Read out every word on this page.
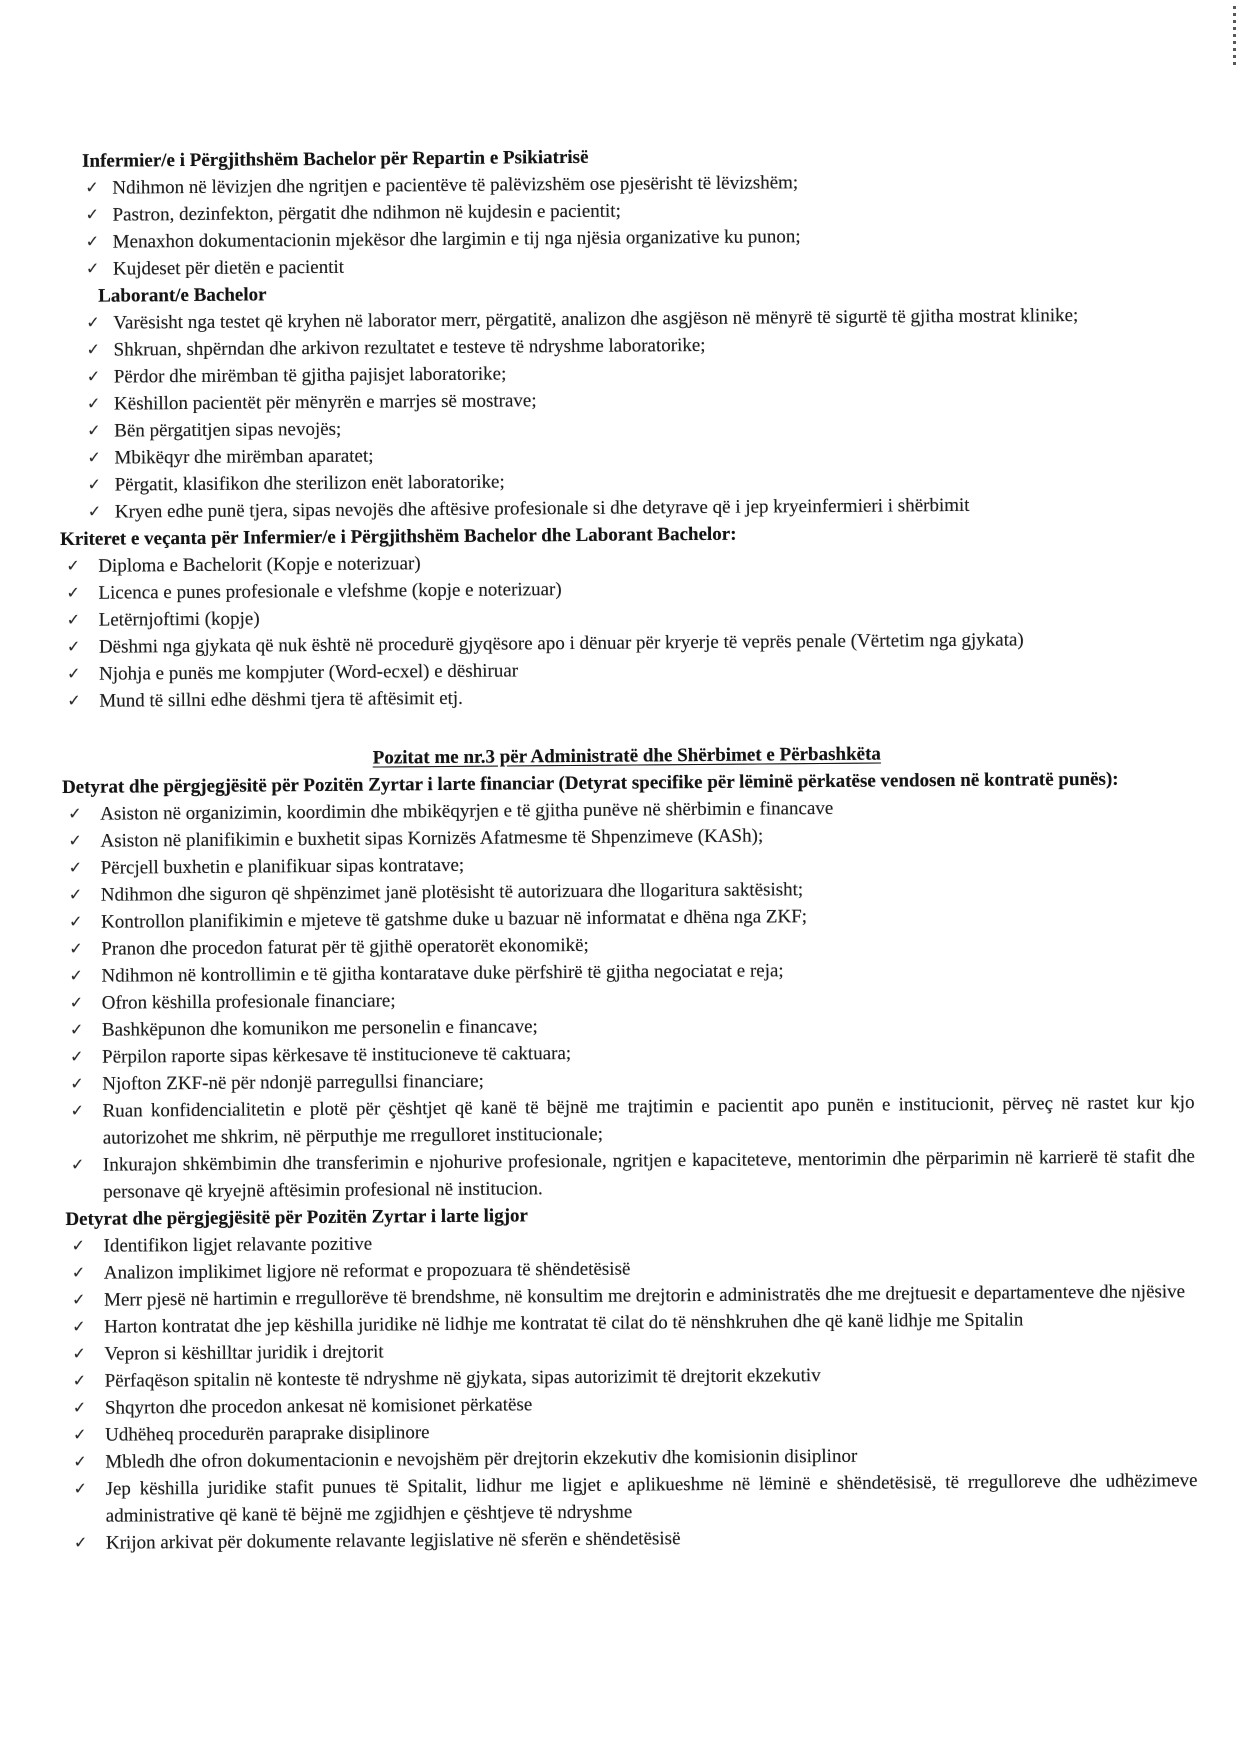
Infermier/e i Përgjithshëm Bachelor për Repartin e Psikiatrisë
✓ Ndihmon në lëvizjen dhe ngritjen e pacientëve të palëvizshëm ose pjesërisht të lëvizshëm;
✓ Pastron, dezinfekton, përgatit dhe ndihmon në kujdesin e pacientit;
✓ Menaxhon dokumentacionin mjekësor dhe largimin e tij nga njësia organizative ku punon;
✓ Kujdeset për dietën e pacientit
Laborant/e Bachelor
✓ Varësisht nga testet që kryhen në laborator merr, përgatitë, analizon dhe asgjëson në mënyrë të sigurtë të gjitha mostrat klinike;
✓ Shkruan, shpërndan dhe arkivon rezultatet e testeve të ndryshme laboratorike;
✓ Përdor dhe mirëmban të gjitha pajisjet laboratorike;
✓ Këshillon pacientët për mënyrën e marrjes së mostrave;
✓ Bën përgatitjen sipas nevojës;
✓ Mbikëqyr dhe mirëmban aparatet;
✓ Përgatit, klasifikon dhe sterilizon enët laboratorike;
✓ Kryen edhe punë tjera, sipas nevojës dhe aftësive profesionale si dhe detyrave që i jep kryeinfermieri i shërbimit
Kriteret e veçanta për Infermier/e i Përgjithshëm Bachelor dhe Laborant Bachelor:
✓ Diploma e Bachelorit (Kopje e noterizuar)
✓ Licenca e punes profesionale e vlefshme (kopje e noterizuar)
✓ Letërnjoftimi (kopje)
✓ Dëshmi nga gjykata që nuk është në procedurë gjyqësore apo i dënuar për kryerje të veprës penale (Vërtetim nga gjykata)
✓ Njohja e punës me kompjuter (Word-ecxel) e dëshiruar
✓ Mund të sillni edhe dëshmi tjera të aftësimit etj.
Pozitat me nr.3 për Administratë dhe Shërbimet e Përbashkëta
Detyrat dhe përgjegjësitë për Pozitën Zyrtar i larte financiar (Detyrat specifike për lëminë përkatëse vendosen në kontratë punës):
✓ Asiston në organizimin, koordimin dhe mbikëqyrjen e të gjitha punëve në shërbimin e financave
✓ Asiston në planifikimin e buxhetit sipas Kornizës Afatmesme të Shpenzimeve (KASh);
✓ Përcjell buxhetin e planifikuar sipas kontratave;
✓ Ndihmon dhe siguron që shpënzimet janë plotësisht të autorizuara dhe llogaritura saktësisht;
✓ Kontrollon planifikimin e mjeteve të gatshme duke u bazuar në informatat e dhëna nga ZKF;
✓ Pranon dhe procedon faturat për të gjithë operatorët ekonomikë;
✓ Ndihmon në kontrollimin e të gjitha kontaratave duke përfshirë të gjitha negociatat e reja;
✓ Ofron këshilla profesionale financiare;
✓ Bashkëpunon dhe komunikon me personelin e financave;
✓ Përpilon raporte sipas kërkesave të institucioneve të caktuara;
✓ Njofton ZKF-në për ndonjë parregullsi financiare;
✓ Ruan konfidencialitetin e plotë për çështjet që kanë të bëjnë me trajtimin e pacientit apo punën e institucionit, përveç në rastet kur kjo autorizohet me shkrim, në përputhje me rregulloret institucionale;
✓ Inkurajon shkëmbimin dhe transferimin e njohurive profesionale, ngritjen e kapaciteteve, mentorimin dhe përparimin në karrierë të stafit dhe personave që kryejnë aftësimin profesional në institucion.
Detyrat dhe përgjegjësitë për Pozitën Zyrtar i larte ligjor
✓ Identifikon ligjet relavante pozitive
✓ Analizon implikimet ligjore në reformat e propozuara të shëndetësisë
✓ Merr pjesë në hartimin e rregullorëve të brendshme, në konsultim me drejtorin e administratës dhe me drejtuesit e departamenteve dhe njësive
✓ Harton kontratat dhe jep këshilla juridike në lidhje me kontratat të cilat do të nënshkruhen dhe që kanë lidhje me Spitalin
✓ Vepron si këshilltar juridik i drejtorit
✓ Përfaqëson spitalin në konteste të ndryshme në gjykata, sipas autorizimit të drejtorit ekzekutiv
✓ Shqyrton dhe procedon ankesat në komisionet përkatëse
✓ Udhëheq procedurën paraprake disiplinore
✓ Mbledh dhe ofron dokumentacionin e nevojshëm për drejtorin ekzekutiv dhe komisionin disiplinor
✓ Jep këshilla juridike stafit punues të Spitalit, lidhur me ligjet e aplikueshme në lëminë e shëndetësisë, të rregulloreve dhe udhëzimeve administrative që kanë të bëjnë me zgjidhjen e çështjeve të ndryshme
✓ Krijon arkivat për dokumente relavante legjislative në sferën e shëndetësisë
